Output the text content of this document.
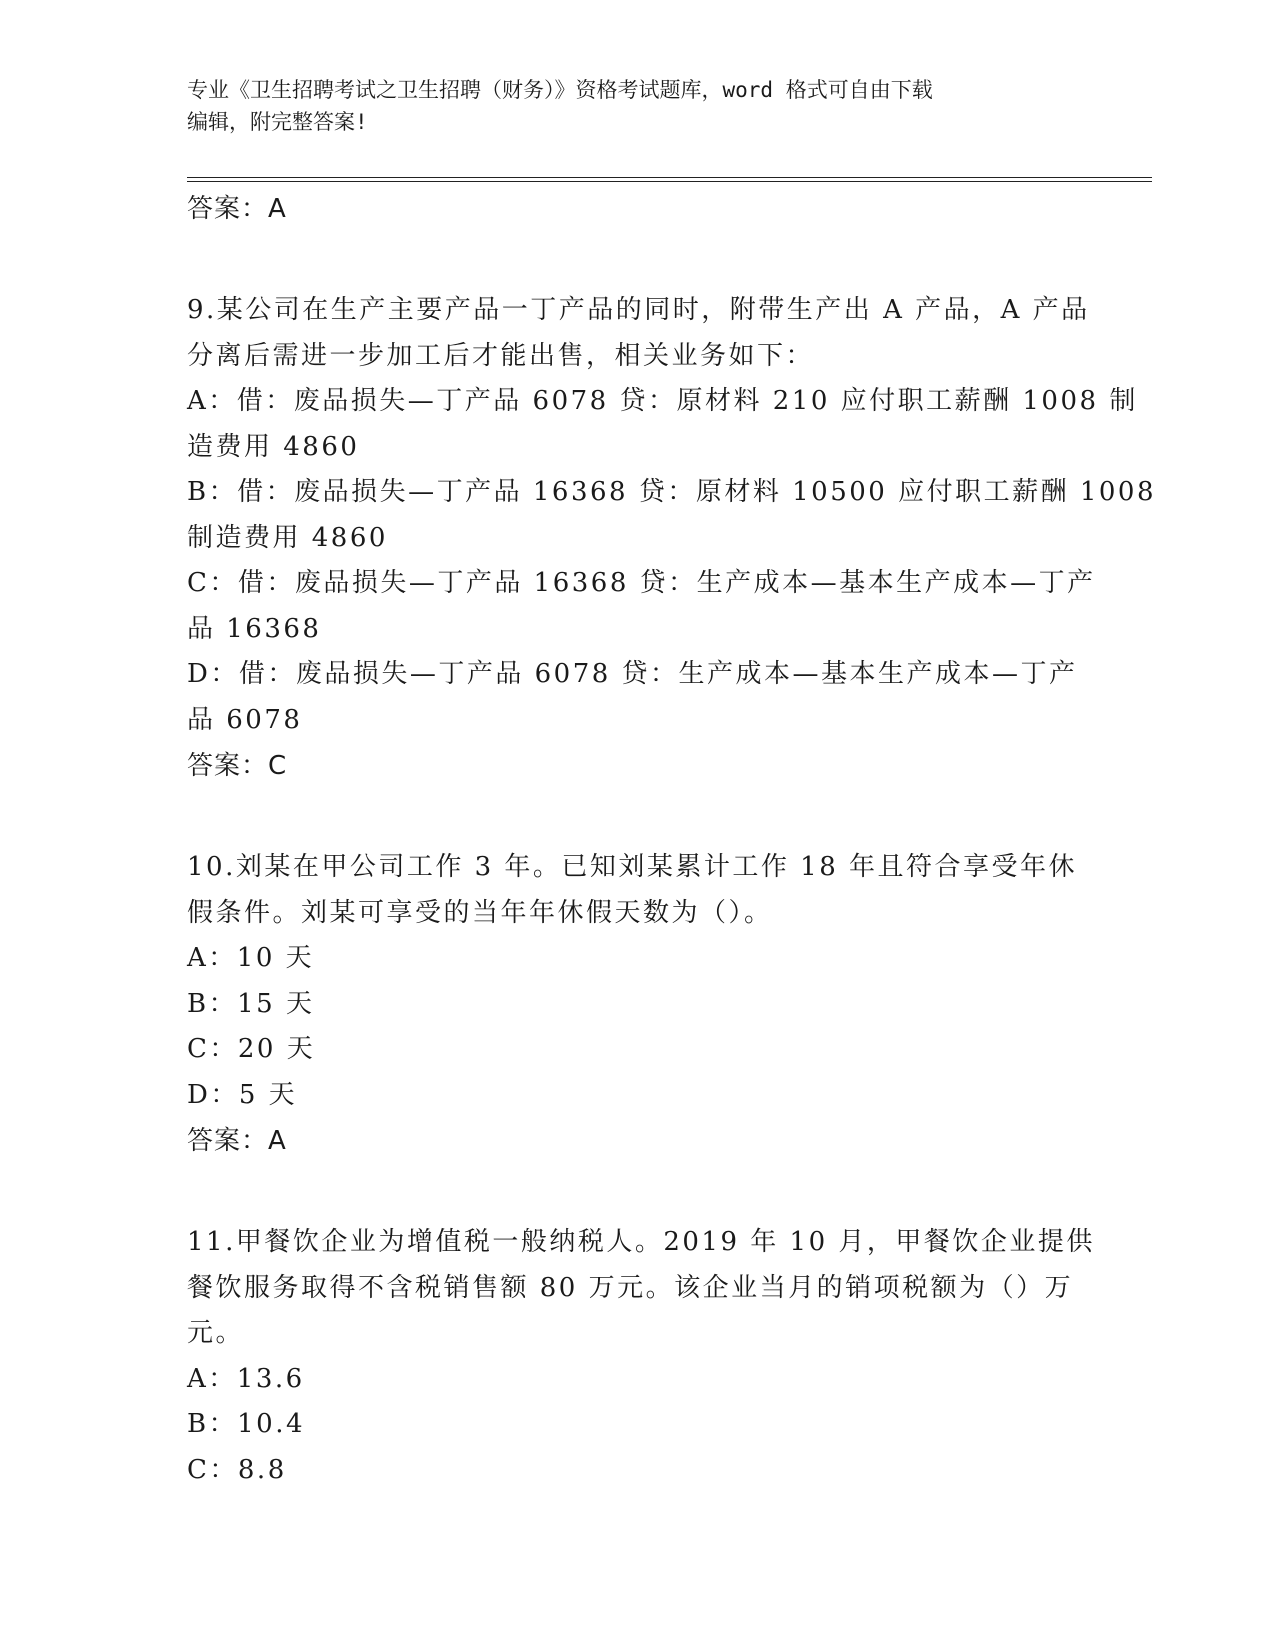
专业《卫生招聘考试之卫生招聘（财务）》资格考试题库，word 格式可自由下载
编辑，附完整答案!
答案：A
9.某公司在生产主要产品一丁产品的同时，附带生产出 A 产品，A 产品
分离后需进一步加工后才能出售，相关业务如下：
A：借：废品损失—丁产品 6078 贷：原材料 210 应付职工薪酬 1008 制
造费用 4860
B：借：废品损失—丁产品 16368 贷：原材料 10500 应付职工薪酬 1008
制造费用 4860
C：借：废品损失—丁产品 16368 贷：生产成本—基本生产成本—丁产
品 16368
D：借：废品损失—丁产品 6078 贷：生产成本—基本生产成本—丁产
品 6078
答案：C
10.刘某在甲公司工作 3 年。已知刘某累计工作 18 年且符合享受年休
假条件。刘某可享受的当年年休假天数为（）。
A：10 天
B：15 天
C：20 天
D：5 天
答案：A
11.甲餐饮企业为增值税一般纳税人。2019 年 10 月，甲餐饮企业提供
餐饮服务取得不含税销售额 80 万元。该企业当月的销项税额为（）万
元。
A：13.6
B：10.4
C：8.8
